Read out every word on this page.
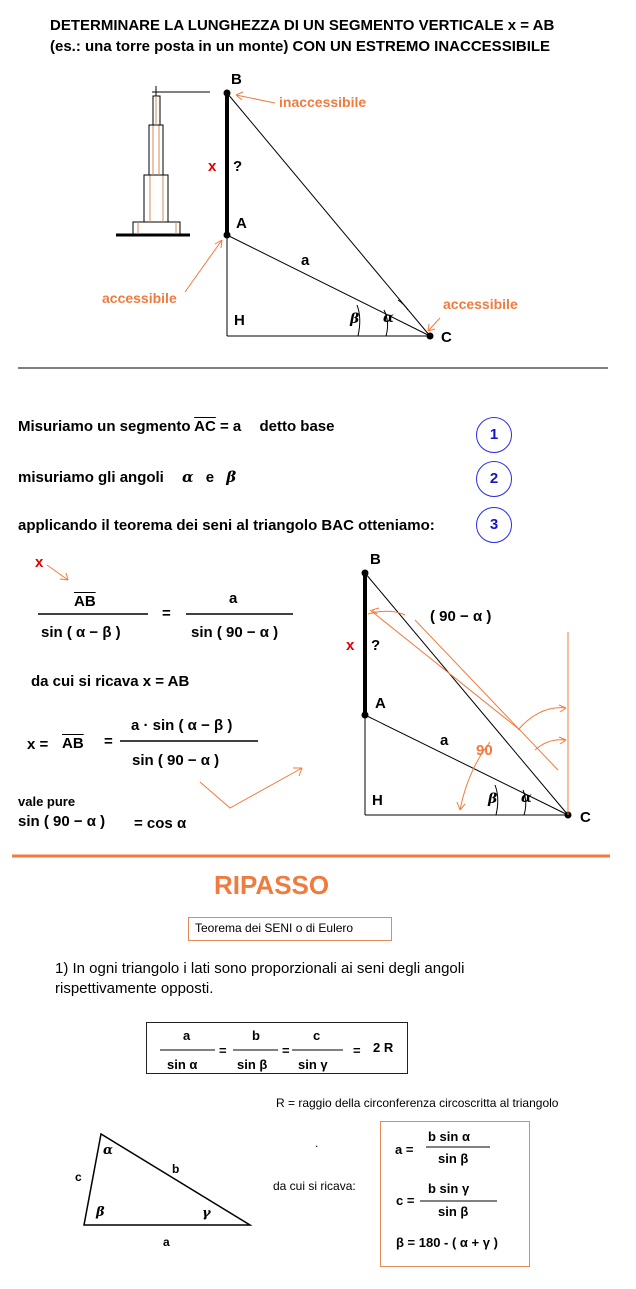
DETERMINARE LA LUNGHEZZA DI UN SEGMENTO VERTICALE x = AB
(es.: una torre posta in un monte) CON UN ESTREMO INACCESSIBILE
B
inaccessibile
x ?
A
a
accessibile	accessibile
H	β α
C
Misuriamo un segmento $\overline{AC} = a$ detto base	1
misuriamo gli angoli α e β	2
applicando il teorema dei seni al triangolo BAC otteniamo:	3
x
$\overline{AB}$
sin ( α − β )
=
a
sin ( 90 − α )
da cui si ricava x = AB
$x = \overline{AB}$ =
a · sin ( α − β )
sin ( 90 − α )
vale pure
sin ( 90 − α ) = cos α
B
( 90 − α )
x ?
A
a
90
H	β α
C
RIPASSO
Teorema dei SENI o di Eulero
1) In ogni triangolo i lati sono proporzionali ai seni degli angoli
rispettivamente opposti.
a
sin α
=
b
sin β
=
c
sin γ
= 2 R
R = raggio della circonferenza circoscritta al triangolo
.
da cui si ricava:
a =
b sin α
sin β
c =
b sin γ
sin β
β = 180 - ( α + γ )
c
b
a
α
β	γ
